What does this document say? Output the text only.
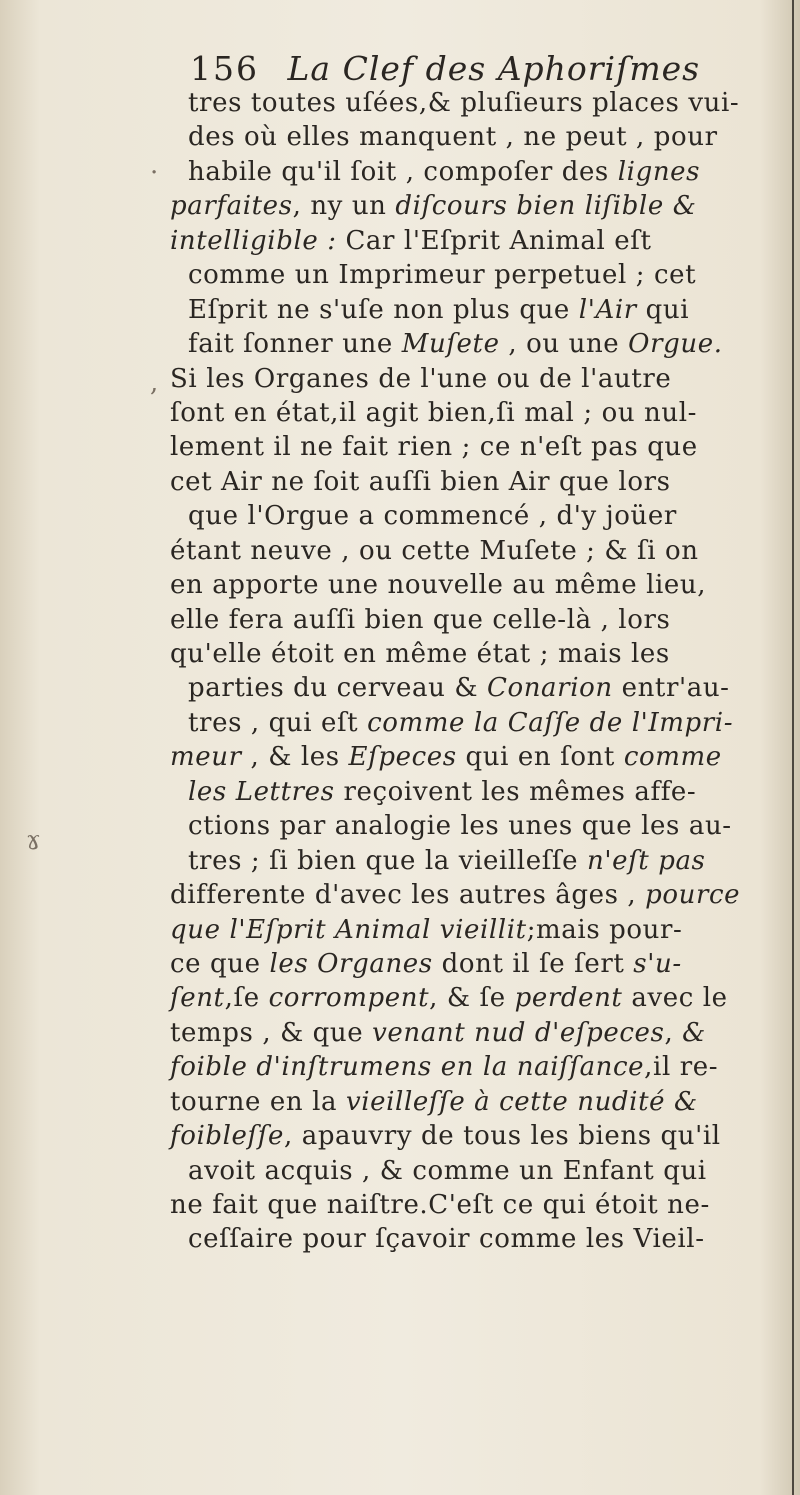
156 La Clef des Aphoriſmes
tres toutes uſées,& pluſieurs places vui-
des où elles manquent , ne peut , pour
habile qu'il ſoit , compoſer des lignes
parfaites, ny un diſcours bien liſible &
intelligible : Car l'Eſprit Animal eſt
comme un Imprimeur perpetuel ; cet
Eſprit ne s'uſe non plus que l'Air qui
fait ſonner une Muſete , ou une Orgue.
Si les Organes de l'une ou de l'autre
ſont en état,il agit bien,ſi mal ; ou nul-
lement il ne fait rien ; ce n'eſt pas que
cet Air ne ſoit auſſi bien Air que lors
que l'Orgue a commencé , d'y joüer
étant neuve , ou cette Muſete ; & ſi on
en apporte une nouvelle au même lieu,
elle fera auſſi bien que celle-là , lors
qu'elle étoit en même état ; mais les
parties du cerveau & Conarion entr'au-
tres , qui eſt comme la Caſſe de l'Impri-
meur , & les Eſpeces qui en ſont comme
les Lettres reçoivent les mêmes affe-
ctions par analogie les unes que les au-
tres ; ſi bien que la vieilleſſe n'eſt pas
differente d'avec les autres âges , pource
que l'Eſprit Animal vieillit;mais pour-
ce que les Organes dont il ſe ſert s'u-
ſent,ſe corrompent, & ſe perdent avec le
temps , & que venant nud d'eſpeces, &
foible d'inſtrumens en la naiſſance,il re-
tourne en la vieilleſſe à cette nudité &
foibleſſe, apauvry de tous les biens qu'il
avoit acquis , & comme un Enfant qui
ne fait que naiſtre.C'eſt ce qui étoit ne-
ceſſaire pour ſçavoir comme les Vieil-
ɤ
,
·
